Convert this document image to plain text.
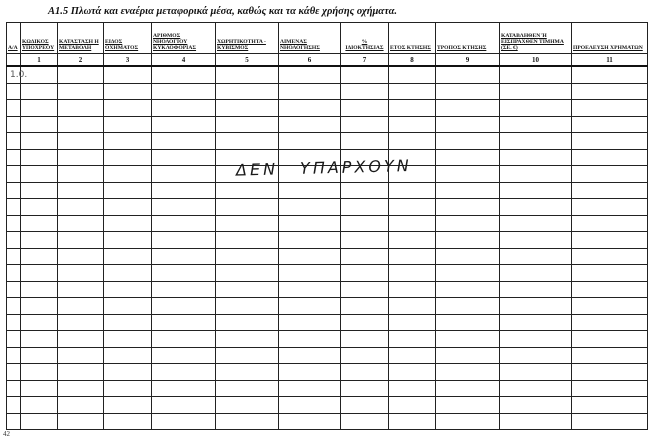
Α1.5 Πλωτά και εναέρια μεταφορικά μέσα, καθώς και τα κάθε χρήσης οχήματα.
Α/Α	ΚΩΔΙΚΟΣ ΥΠΟΧΡΕΟΥ	ΚΑΤΑΣΤΑΣΗ Η ΜΕΤΑΒΟΛΗ	ΕΙΔΟΣ ΟΧΗΜΑΤΟΣ	ΑΡΙΘΜΟΣ ΝΗΟΛΟΓΙΟΥ ΚΥΚΛΟΦΟΡΙΑΣ	ΧΩΡΗΤΙΚΟΤΗΤΑ - ΚΥΒΙΣΜΟΣ	ΛΙΜΕΝΑΣ ΝΗΟΛΟΓΗΣΗΣ	% ΙΔΙΟΚΤΗΣΙΑΣ	ΕΤΟΣ ΚΤΗΣΗΣ	ΤΡΟΠΟΣ ΚΤΗΣΗΣ	ΚΑΤΑΒΛΗΘΕΝ Ή ΕΙΣΠΡΑΧΘΕΝ ΤΙΜΗΜΑ (ΣΕ. €)	ΠΡΟΕΛΕΥΣΗ ΧΡΗΜΑΤΩΝ
	1	2	3	4	5	6	7	8	9	10	11
1.0.											

ΔΕΝ ΥΠΑΡΧΟΥΝ
42
